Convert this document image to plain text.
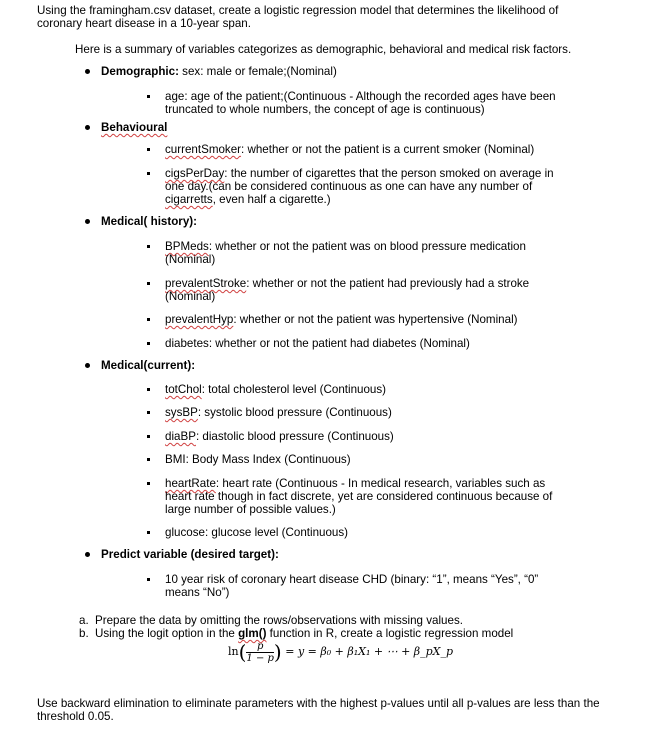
Using the framingham.csv dataset, create a logistic regression model that determines the likelihood of
coronary heart disease in a 10-year span.
Here is a summary of variables categorizes as demographic, behavioral and medical risk factors.
Demographic: sex: male or female;(Nominal)
age: age of the patient;(Continuous - Although the recorded ages have been
truncated to whole numbers, the concept of age is continuous)
Behavioural
currentSmoker: whether or not the patient is a current smoker (Nominal)
cigsPerDay: the number of cigarettes that the person smoked on average in
one day.(can be considered continuous as one can have any number of
cigarretts, even half a cigarette.)
Medical( history):
BPMeds: whether or not the patient was on blood pressure medication
(Nominal)
prevalentStroke: whether or not the patient had previously had a stroke
(Nominal)
prevalentHyp: whether or not the patient was hypertensive (Nominal)
diabetes: whether or not the patient had diabetes (Nominal)
Medical(current):
totChol: total cholesterol level (Continuous)
sysBP: systolic blood pressure (Continuous)
diaBP: diastolic blood pressure (Continuous)
BMI: Body Mass Index (Continuous)
heartRate: heart rate (Continuous - In medical research, variables such as
heart rate though in fact discrete, yet are considered continuous because of
large number of possible values.)
glucose: glucose level (Continuous)
Predict variable (desired target):
10 year risk of coronary heart disease CHD (binary: “1”, means “Yes”, “0”
means “No”)
a. Prepare the data by omitting the rows/observations with missing values.
b. Using the logit option in the glm() function in R, create a logistic regression model
$\ln( \frac{p}{1 - p}$ ) = y = β₀ + β₁X₁ + ⋯ + β_pX_p
Use backward elimination to eliminate parameters with the highest p-values until all p-values are less than the
threshold 0.05.
